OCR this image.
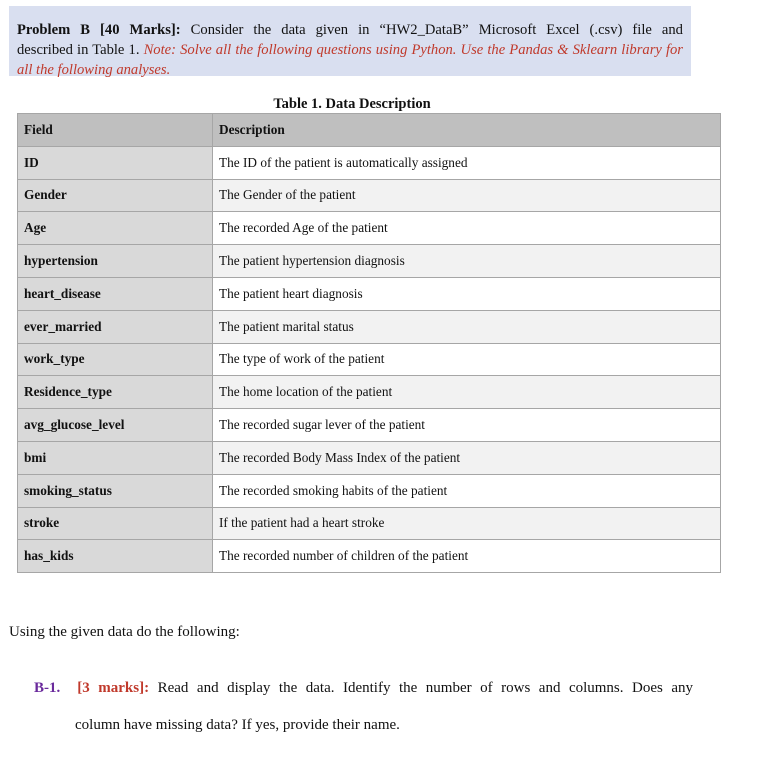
Problem B [40 Marks]: Consider the data given in “HW2_DataB” Microsoft Excel (.csv) file and
described in Table 1. Note: Solve all the following questions using Python. Use the Pandas & Sklearn library for
all the following analyses.
Table 1. Data Description
Field	Description
ID	The ID of the patient is automatically assigned
Gender	The Gender of the patient
Age	The recorded Age of the patient
hypertension	The patient hypertension diagnosis
heart_disease	The patient heart diagnosis
ever_married	The patient marital status
work_type	The type of work of the patient
Residence_type	The home location of the patient
avg_glucose_level	The recorded sugar lever of the patient
bmi	The recorded Body Mass Index of the patient
smoking_status	The recorded smoking habits of the patient
stroke	If the patient had a heart stroke
has_kids	The recorded number of children of the patient
Using the given data do the following:
B-1. [3 marks]: Read and display the data. Identify the number of rows and columns. Does any
column have missing data? If yes, provide their name.
